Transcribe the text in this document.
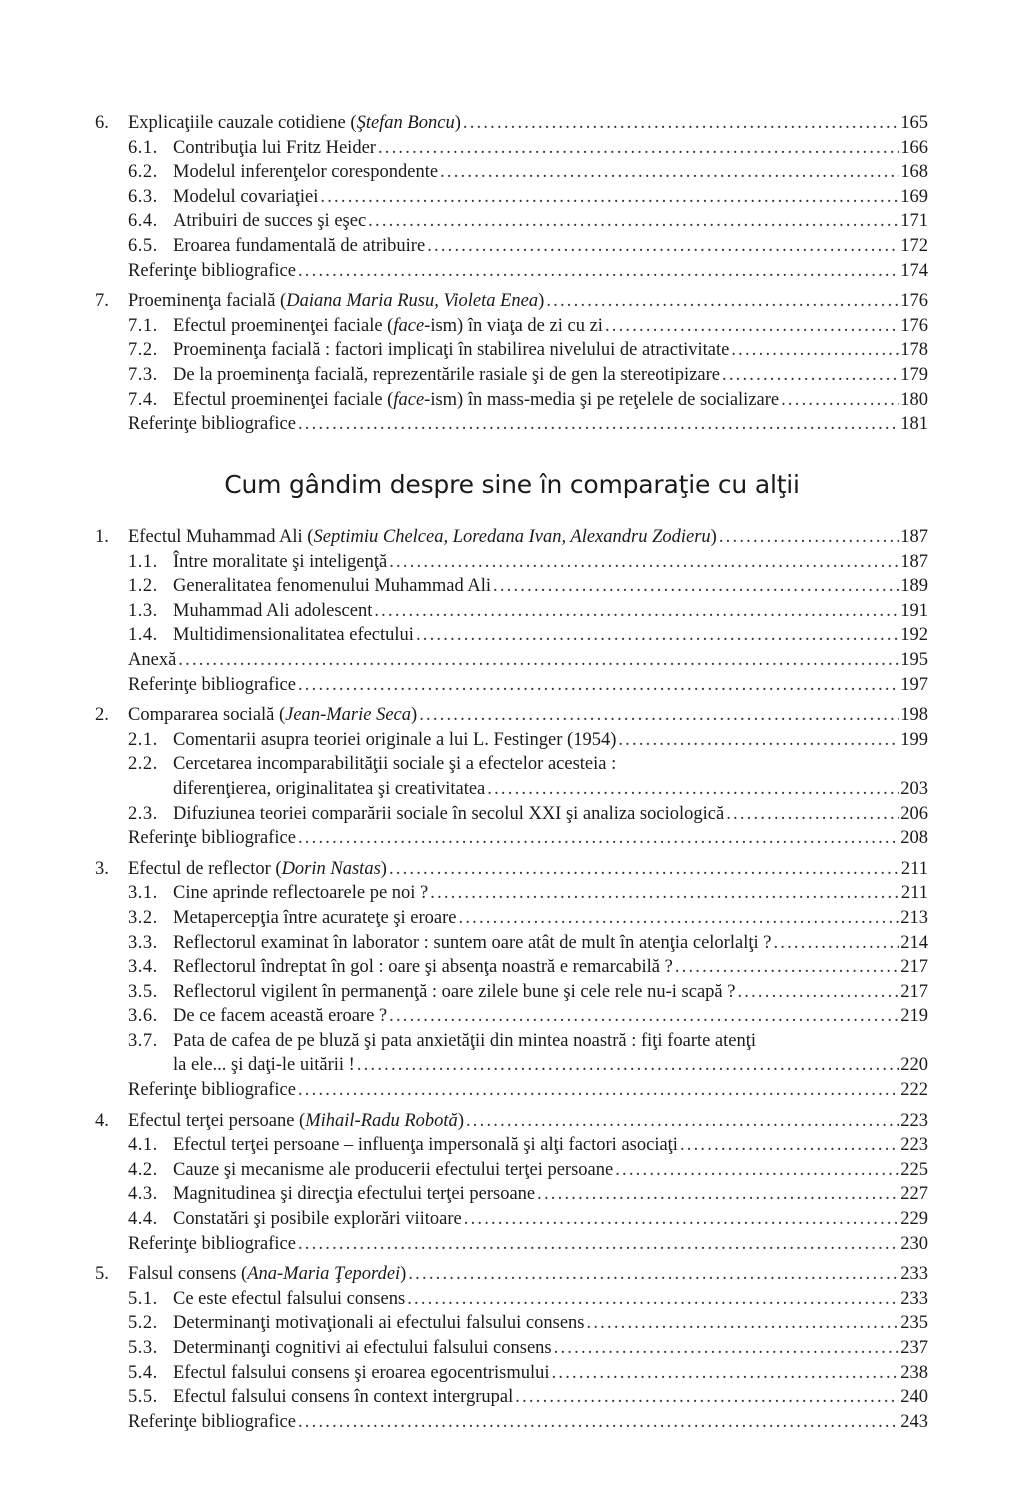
6.	Explicaţiile cauzale cotidiene (Ştefan Boncu) .....	165
6.1. Contribuţia lui Fritz Heider .....	166
6.2. Modelul inferenţelor corespondente .....	168
6.3. Modelul covariaţiei .....	169
6.4. Atribuiri de succes şi eşec .....	171
6.5. Eroarea fundamentală de atribuire .....	172
Referinţe bibliografice .....	174
7.	Proeminenţa facială (Daiana Maria Rusu, Violeta Enea) .....	176
7.1. Efectul proeminenţei faciale (face-ism) în viaţa de zi cu zi .....	176
7.2. Proeminenţa facială : factori implicaţi în stabilirea nivelului de atractivitate .....	178
7.3. De la proeminenţa facială, reprezentările rasiale şi de gen la stereotipizare .....	179
7.4. Efectul proeminenţei faciale (face-ism) în mass-media şi pe reţelele de socializare .....	180
Referinţe bibliografice .....	181
Cum gândim despre sine în comparaţie cu alţii
1.	Efectul Muhammad Ali (Septimiu Chelcea, Loredana Ivan, Alexandru Zodieru) .....	187
1.1. Între moralitate şi inteligenţă .....	187
1.2. Generalitatea fenomenului Muhammad Ali .....	189
1.3. Muhammad Ali adolescent .....	191
1.4. Multidimensionalitatea efectului .....	192
Anexă .....	195
Referinţe bibliografice .....	197
2.	Compararea socială (Jean-Marie Seca) .....	198
2.1. Comentarii asupra teoriei originale a lui L. Festinger (1954) .....	199
2.2. Cercetarea incomparabilităţii sociale şi a efectelor acesteia :
diferenţierea, originalitatea şi creativitatea .....	203
2.3. Difuziunea teoriei comparării sociale în secolul XXI şi analiza sociologică .....	206
Referinţe bibliografice .....	208
3.	Efectul de reflector (Dorin Nastas) .....	211
3.1. Cine aprinde reflectoarele pe noi ? .....	211
3.2. Metapercepţia între acurateţe şi eroare .....	213
3.3. Reflectorul examinat în laborator : suntem oare atât de mult în atenţia celorlalţi ? .....	214
3.4. Reflectorul îndreptat în gol : oare şi absenţa noastră e remarcabilă ? .....	217
3.5. Reflectorul vigilent în permanenţă : oare zilele bune şi cele rele nu-i scapă ? .....	217
3.6. De ce facem această eroare ? .....	219
3.7. Pata de cafea de pe bluză şi pata anxietăţii din mintea noastră : fiţi foarte atenţi
la ele... şi daţi-le uitării ! .....	220
Referinţe bibliografice .....	222
4.	Efectul terţei persoane (Mihail-Radu Robotă) .....	223
4.1. Efectul terţei persoane – influenţa impersonală şi alţi factori asociaţi .....	223
4.2. Cauze şi mecanisme ale producerii efectului terţei persoane .....	225
4.3. Magnitudinea şi direcţia efectului terţei persoane .....	227
4.4. Constatări şi posibile explorări viitoare .....	229
Referinţe bibliografice .....	230
5.	Falsul consens (Ana-Maria Ţepordei) .....	233
5.1. Ce este efectul falsului consens .....	233
5.2. Determinanţi motivaţionali ai efectului falsului consens .....	235
5.3. Determinanţi cognitivi ai efectului falsului consens .....	237
5.4. Efectul falsului consens şi eroarea egocentrismului .....	238
5.5. Efectul falsului consens în context intergrupal .....	240
Referinţe bibliografice .....	243
